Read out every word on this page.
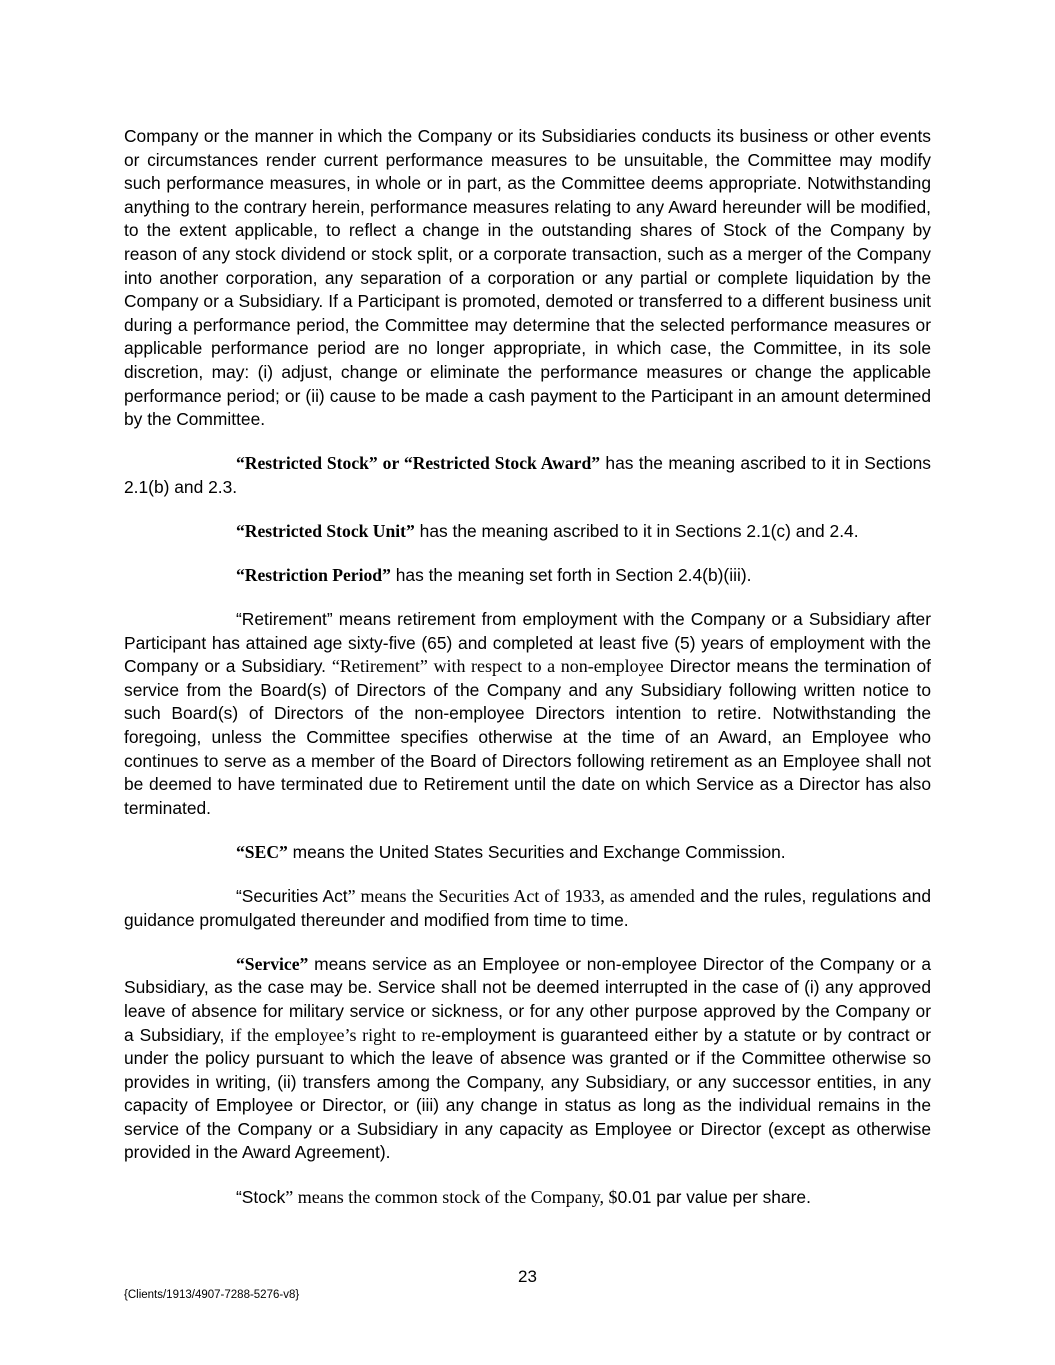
Company or the manner in which the Company or its Subsidiaries conducts its business or other events or circumstances render current performance measures to be unsuitable, the Committee may modify such performance measures, in whole or in part, as the Committee deems appropriate. Notwithstanding anything to the contrary herein, performance measures relating to any Award hereunder will be modified, to the extent applicable, to reflect a change in the outstanding shares of Stock of the Company by reason of any stock dividend or stock split, or a corporate transaction, such as a merger of the Company into another corporation, any separation of a corporation or any partial or complete liquidation by the Company or a Subsidiary. If a Participant is promoted, demoted or transferred to a different business unit during a performance period, the Committee may determine that the selected performance measures or applicable performance period are no longer appropriate, in which case, the Committee, in its sole discretion, may: (i) adjust, change or eliminate the performance measures or change the applicable performance period; or (ii) cause to be made a cash payment to the Participant in an amount determined by the Committee.

“Restricted Stock” or “Restricted Stock Award” has the meaning ascribed to it in Sections 2.1(b) and 2.3.

“Restricted Stock Unit” has the meaning ascribed to it in Sections 2.1(c) and 2.4.

“Restriction Period” has the meaning set forth in Section 2.4(b)(iii).

“Retirement” means retirement from employment with the Company or a Subsidiary after Participant has attained age sixty-five (65) and completed at least five (5) years of employment with the Company or a Subsidiary. “Retirement” with respect to a non-employee Director means the termination of service from the Board(s) of Directors of the Company and any Subsidiary following written notice to such Board(s) of Directors of the non-employee Directors intention to retire. Notwithstanding the foregoing, unless the Committee specifies otherwise at the time of an Award, an Employee who continues to serve as a member of the Board of Directors following retirement as an Employee shall not be deemed to have terminated due to Retirement until the date on which Service as a Director has also terminated.

“SEC” means the United States Securities and Exchange Commission.

“Securities Act” means the Securities Act of 1933, as amended and the rules, regulations and guidance promulgated thereunder and modified from time to time.

“Service” means service as an Employee or non-employee Director of the Company or a Subsidiary, as the case may be. Service shall not be deemed interrupted in the case of (i) any approved leave of absence for military service or sickness, or for any other purpose approved by the Company or a Subsidiary, if the employee’s right to re-employment is guaranteed either by a statute or by contract or under the policy pursuant to which the leave of absence was granted or if the Committee otherwise so provides in writing, (ii) transfers among the Company, any Subsidiary, or any successor entities, in any capacity of Employee or Director, or (iii) any change in status as long as the individual remains in the service of the Company or a Subsidiary in any capacity as Employee or Director (except as otherwise provided in the Award Agreement).

“Stock” means the common stock of the Company, $0.01 par value per share.

23
{Clients/1913/4907-7288-5276-v8}
